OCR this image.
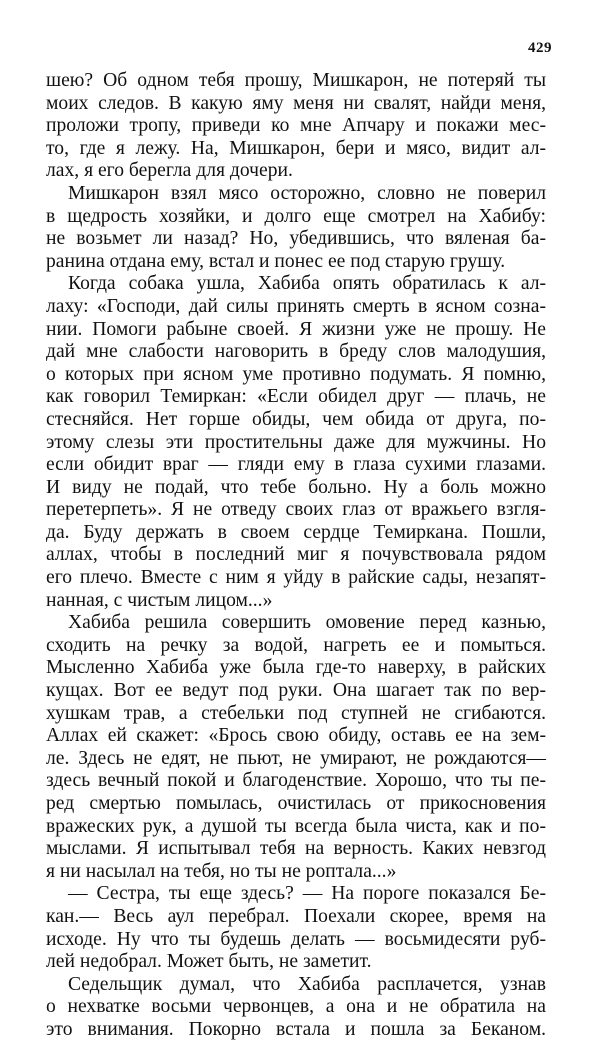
429

шею? Об одном тебя прошу, Мишкарон, не потеряй ты
моих следов. В какую яму меня ни свалят, найди меня,
проложи тропу, приведи ко мне Апчару и покажи мес-
то, где я лежу. На, Мишкарон, бери и мясо, видит ал-
лах, я его берегла для дочери.

Мишкарон взял мясо осторожно, словно не поверил
в щедрость хозяйки, и долго еще смотрел на Хабибу:
не возьмет ли назад? Но, убедившись, что вяленая ба-
ранина отдана ему, встал и понес ее под старую грушу.

Когда собака ушла, Хабиба опять обратилась к ал-
лаху: «Господи, дай силы принять смерть в ясном созна-
нии. Помоги рабыне своей. Я жизни уже не прошу. Не
дай мне слабости наговорить в бреду слов малодушия,
о которых при ясном уме противно подумать. Я помню,
как говорил Темиркан: «Если обидел друг — плачь, не
стесняйся. Нет горше обиды, чем обида от друга, по-
этому слезы эти простительны даже для мужчины. Но
если обидит враг — гляди ему в глаза сухими глазами.
И виду не подай, что тебе больно. Ну а боль можно
перетерпеть». Я не отведу своих глаз от вражьего взгля-
да. Буду держать в своем сердце Темиркана. Пошли,
аллах, чтобы в последний миг я почувствовала рядом
его плечо. Вместе с ним я уйду в райские сады, незапят-
нанная, с чистым лицом...»

Хабиба решила совершить омовение перед казнью,
сходить на речку за водой, нагреть ее и помыться.
Мысленно Хабиба уже была где-то наверху, в райских
кущах. Вот ее ведут под руки. Она шагает так по вер-
хушкам трав, а стебельки под ступней не сгибаются.
Аллах ей скажет: «Брось свою обиду, оставь ее на зем-
ле. Здесь не едят, не пьют, не умирают, не рождаются—
здесь вечный покой и благоденствие. Хорошо, что ты пе-
ред смертью помылась, очистилась от прикосновения
вражеских рук, а душой ты всегда была чиста, как и по-
мыслами. Я испытывал тебя на верность. Каких невзгод
я ни насылал на тебя, но ты не роптала...»

— Сестра, ты еще здесь? — На пороге показался Бе-
кан.— Весь аул перебрал. Поехали скорее, время на
исходе. Ну что ты будешь делать — восьмидесяти руб-
лей недобрал. Может быть, не заметит.

Седельщик думал, что Хабиба расплачется, узнав
о нехватке восьми червонцев, а она и не обратила на
это внимания. Покорно встала и пошла за Беканом.
